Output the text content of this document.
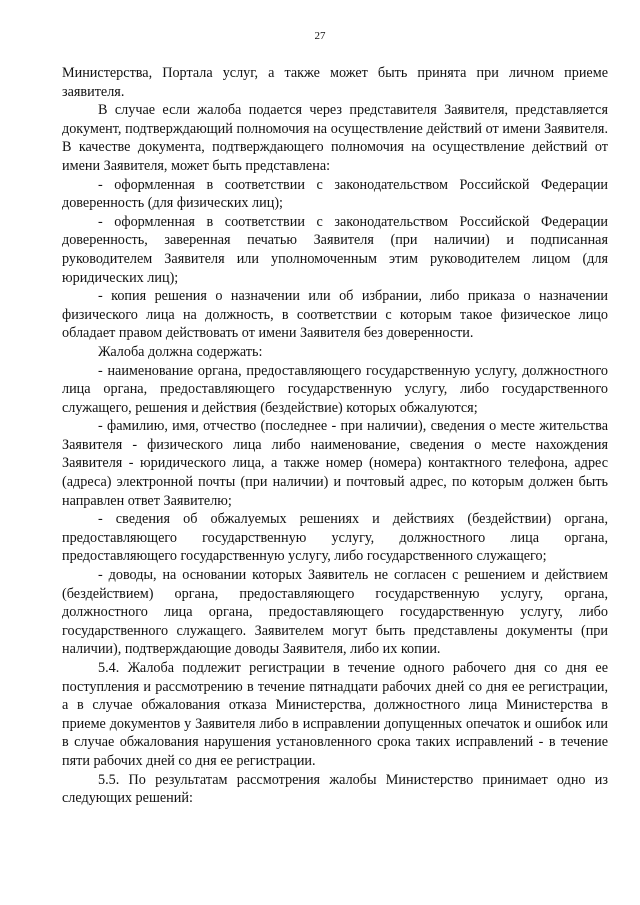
27

Министерства, Портала услуг, а также может быть принята при личном приеме заявителя.

В случае если жалоба подается через представителя Заявителя, представляется документ, подтверждающий полномочия на осуществление действий от имени Заявителя. В качестве документа, подтверждающего полномочия на осуществление действий от имени Заявителя, может быть представлена:

- оформленная в соответствии с законодательством Российской Федерации доверенность (для физических лиц);

- оформленная в соответствии с законодательством Российской Федерации доверенность, заверенная печатью Заявителя (при наличии) и подписанная руководителем Заявителя или уполномоченным этим руководителем лицом (для юридических лиц);

- копия решения о назначении или об избрании, либо приказа о назначении физического лица на должность, в соответствии с которым такое физическое лицо обладает правом действовать от имени Заявителя без доверенности.

Жалоба должна содержать:

- наименование органа, предоставляющего государственную услугу, должностного лица органа, предоставляющего государственную услугу, либо государственного служащего, решения и действия (бездействие) которых обжалуются;

- фамилию, имя, отчество (последнее - при наличии), сведения о месте жительства Заявителя - физического лица либо наименование, сведения о месте нахождения Заявителя - юридического лица, а также номер (номера) контактного телефона, адрес (адреса) электронной почты (при наличии) и почтовый адрес, по которым должен быть направлен ответ Заявителю;

- сведения об обжалуемых решениях и действиях (бездействии) органа, предоставляющего государственную услугу, должностного лица органа, предоставляющего государственную услугу, либо государственного служащего;

- доводы, на основании которых Заявитель не согласен с решением и действием (бездействием) органа, предоставляющего государственную услугу, органа, должностного лица органа, предоставляющего государственную услугу, либо государственного служащего. Заявителем могут быть представлены документы (при наличии), подтверждающие доводы Заявителя, либо их копии.

5.4. Жалоба подлежит регистрации в течение одного рабочего дня со дня ее поступления и рассмотрению в течение пятнадцати рабочих дней со дня ее регистрации, а в случае обжалования отказа Министерства, должностного лица Министерства в приеме документов у Заявителя либо в исправлении допущенных опечаток и ошибок или в случае обжалования нарушения установленного срока таких исправлений - в течение пяти рабочих дней со дня ее регистрации.

5.5. По результатам рассмотрения жалобы Министерство принимает одно из следующих решений:
